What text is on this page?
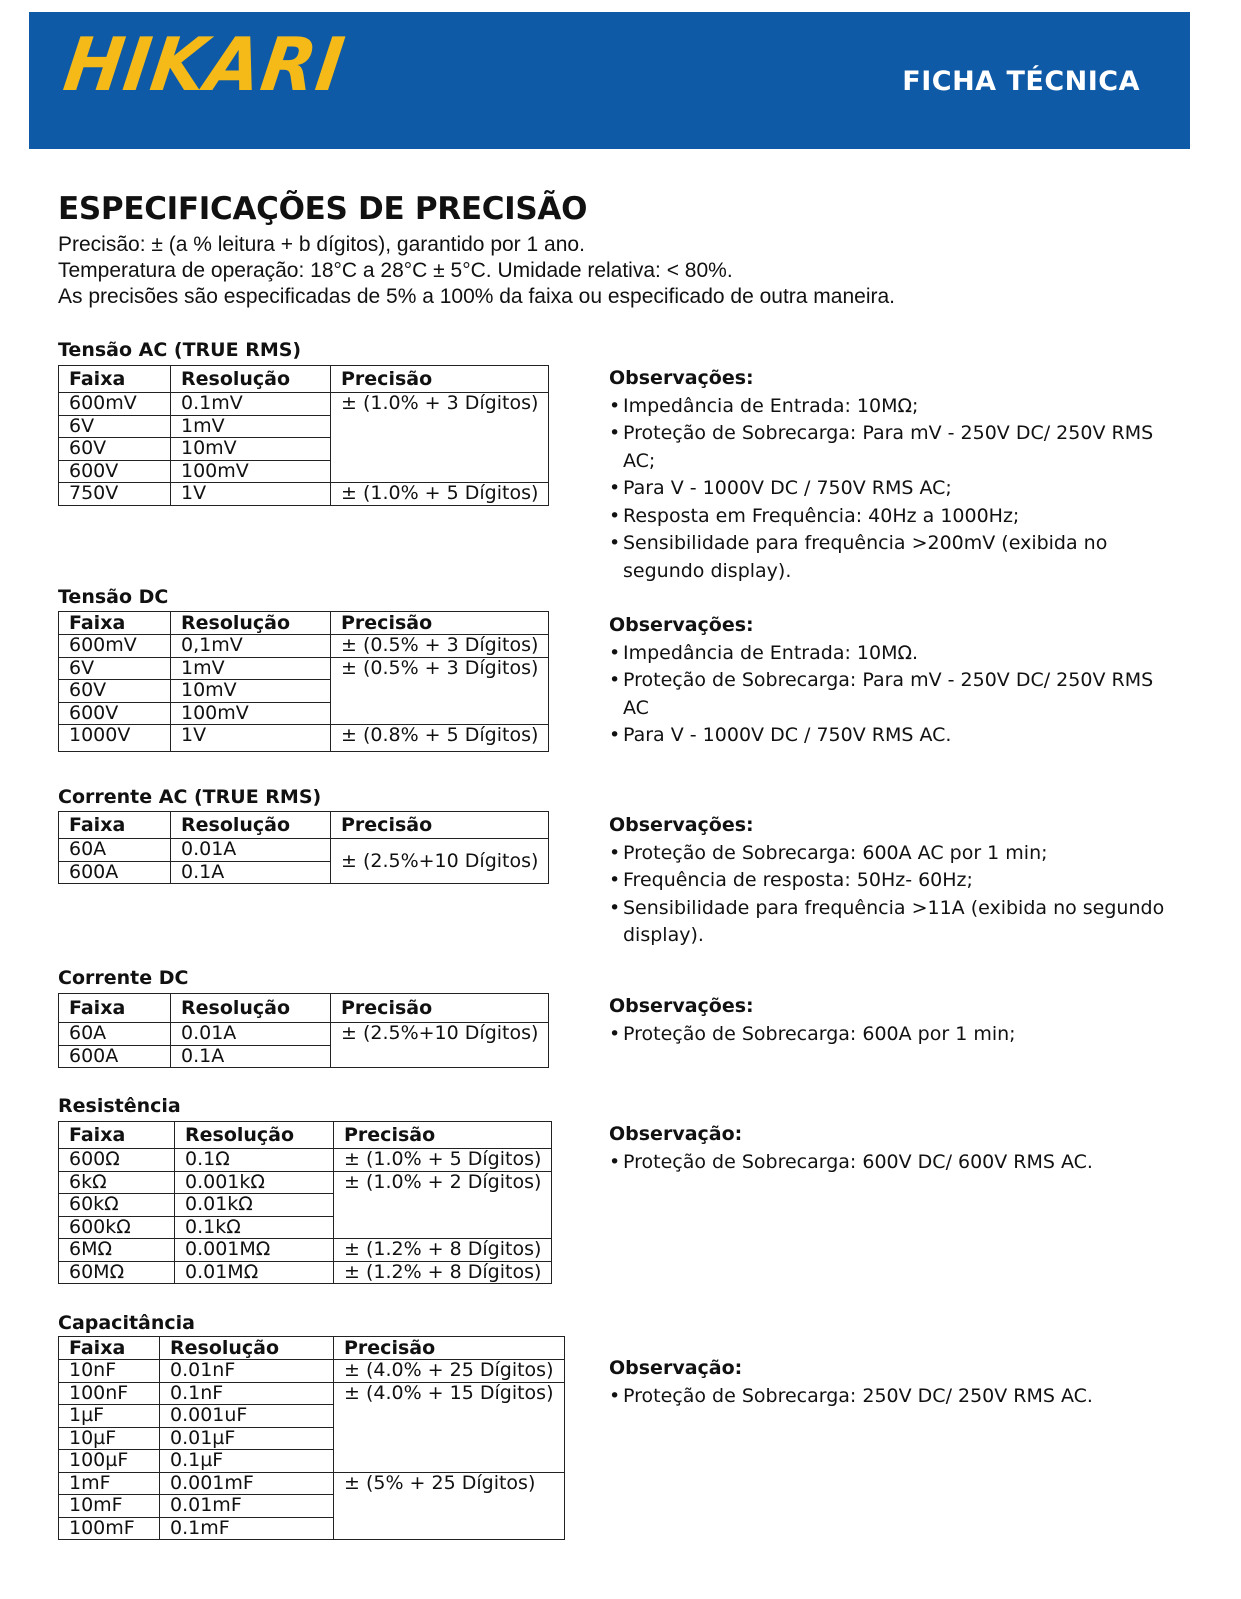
HIKARI	FICHA TÉCNICA
ESPECIFICAÇÕES DE PRECISÃO
Precisão: ± (a % leitura + b dígitos), garantido por 1 ano.
Temperatura de operação: 18°C a 28°C ± 5°C. Umidade relativa: < 80%.
As precisões são especificadas de 5% a 100% da faixa ou especificado de outra maneira.
Tensão AC (TRUE RMS)
Faixa	Resolução	Precisão
600mV	0.1mV	± (1.0% + 3 Dígitos)
6V	1mV	
60V	10mV	
600V	100mV	
750V	1V	± (1.0% + 5 Dígitos)
Observações:
• Impedância de Entrada: 10MΩ;
• Proteção de Sobrecarga: Para mV - 250V DC/ 250V RMS AC;
• Para V - 1000V DC / 750V RMS AC;
• Resposta em Frequência: 40Hz a 1000Hz;
• Sensibilidade para frequência >200mV (exibida no segundo display).
Tensão DC
Faixa	Resolução	Precisão
600mV	0,1mV	± (0.5% + 3 Dígitos)
6V	1mV	± (0.5% + 3 Dígitos)
60V	10mV	
600V	100mV	
1000V	1V	± (0.8% + 5 Dígitos)
Observações:
• Impedância de Entrada: 10MΩ.
• Proteção de Sobrecarga: Para mV - 250V DC/ 250V RMS AC
• Para V - 1000V DC / 750V RMS AC.
Corrente AC (TRUE RMS)
Faixa	Resolução	Precisão
60A	0.01A	± (2.5%+10 Dígitos)
600A	0.1A	
Observações:
• Proteção de Sobrecarga: 600A AC por 1 min;
• Frequência de resposta: 50Hz- 60Hz;
• Sensibilidade para frequência >11A (exibida no segundo display).
Corrente DC
Faixa	Resolução	Precisão
60A	0.01A	± (2.5%+10 Dígitos)
600A	0.1A	
Observações:
• Proteção de Sobrecarga: 600A por 1 min;
Resistência
Faixa	Resolução	Precisão
600Ω	0.1Ω	± (1.0% + 5 Dígitos)
6kΩ	0.001kΩ	± (1.0% + 2 Dígitos)
60kΩ	0.01kΩ	
600kΩ	0.1kΩ	
6MΩ	0.001MΩ	± (1.2% + 8 Dígitos)
60MΩ	0.01MΩ	± (1.2% + 8 Dígitos)
Observação:
• Proteção de Sobrecarga: 600V DC/ 600V RMS AC.
Capacitância
Faixa	Resolução	Precisão
10nF	0.01nF	± (4.0% + 25 Dígitos)
100nF	0.1nF	± (4.0% + 15 Dígitos)
1µF	0.001uF	
10µF	0.01µF	
100µF	0.1µF	
1mF	0.001mF	± (5% + 25 Dígitos)
10mF	0.01mF	
100mF	0.1mF	
Observação:
• Proteção de Sobrecarga: 250V DC/ 250V RMS AC.
